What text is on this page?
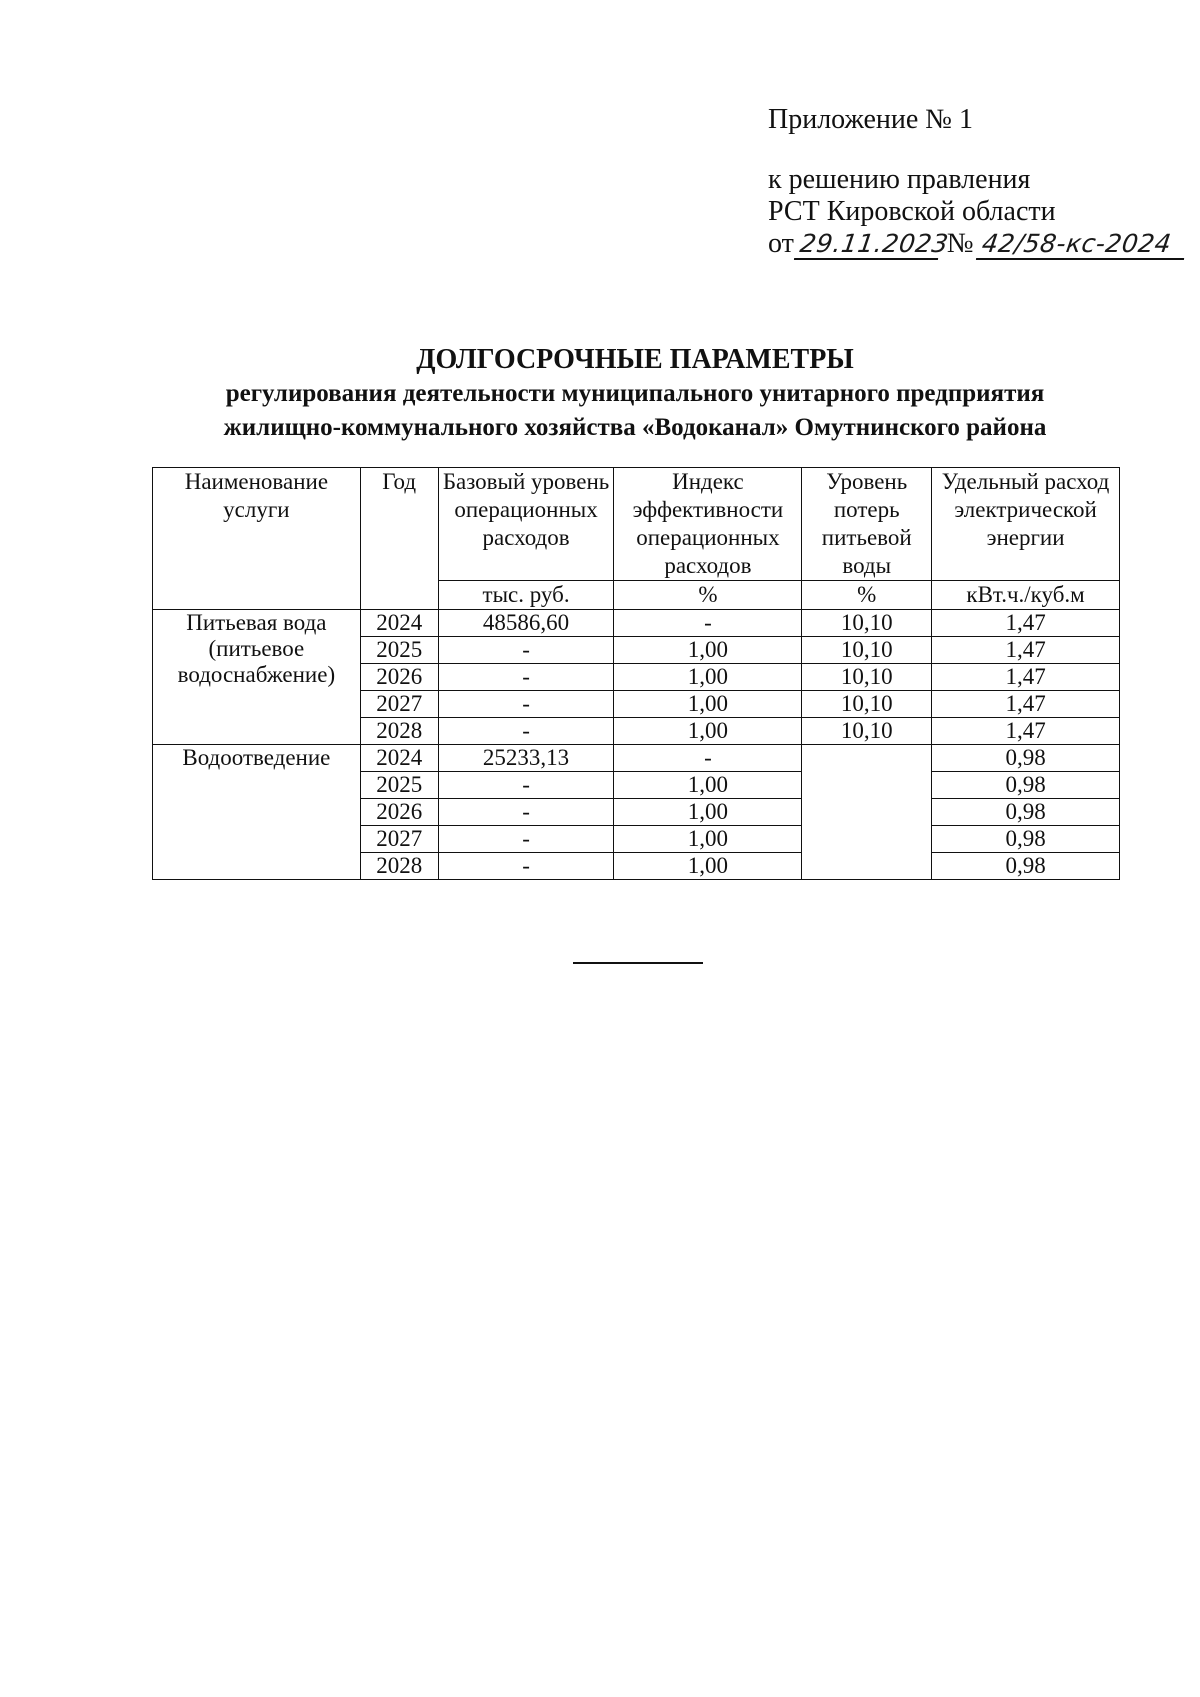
Приложение № 1
к решению правления
РСТ Кировской области
от 29.11.2023 № 42/58-кс-2024
ДОЛГОСРОЧНЫЕ ПАРАМЕТРЫ
регулирования деятельности муниципального унитарного предприятия
жилищно-коммунального хозяйства «Водоканал» Омутнинского района
Наименование услуги	Год	Базовый уровень операционных расходов	Индекс эффективности операционных расходов	Уровень потерь питьевой воды	Удельный расход электрической энергии
		тыс. руб.	%	%	кВт.ч./куб.м
Питьевая вода (питьевое водоснабжение)	2024	48586,60	-	10,10	1,47
	2025	-	1,00	10,10	1,47
	2026	-	1,00	10,10	1,47
	2027	-	1,00	10,10	1,47
	2028	-	1,00	10,10	1,47
Водоотведение	2024	25233,13	-		0,98
	2025	-	1,00		0,98
	2026	-	1,00		0,98
	2027	-	1,00		0,98
	2028	-	1,00		0,98
